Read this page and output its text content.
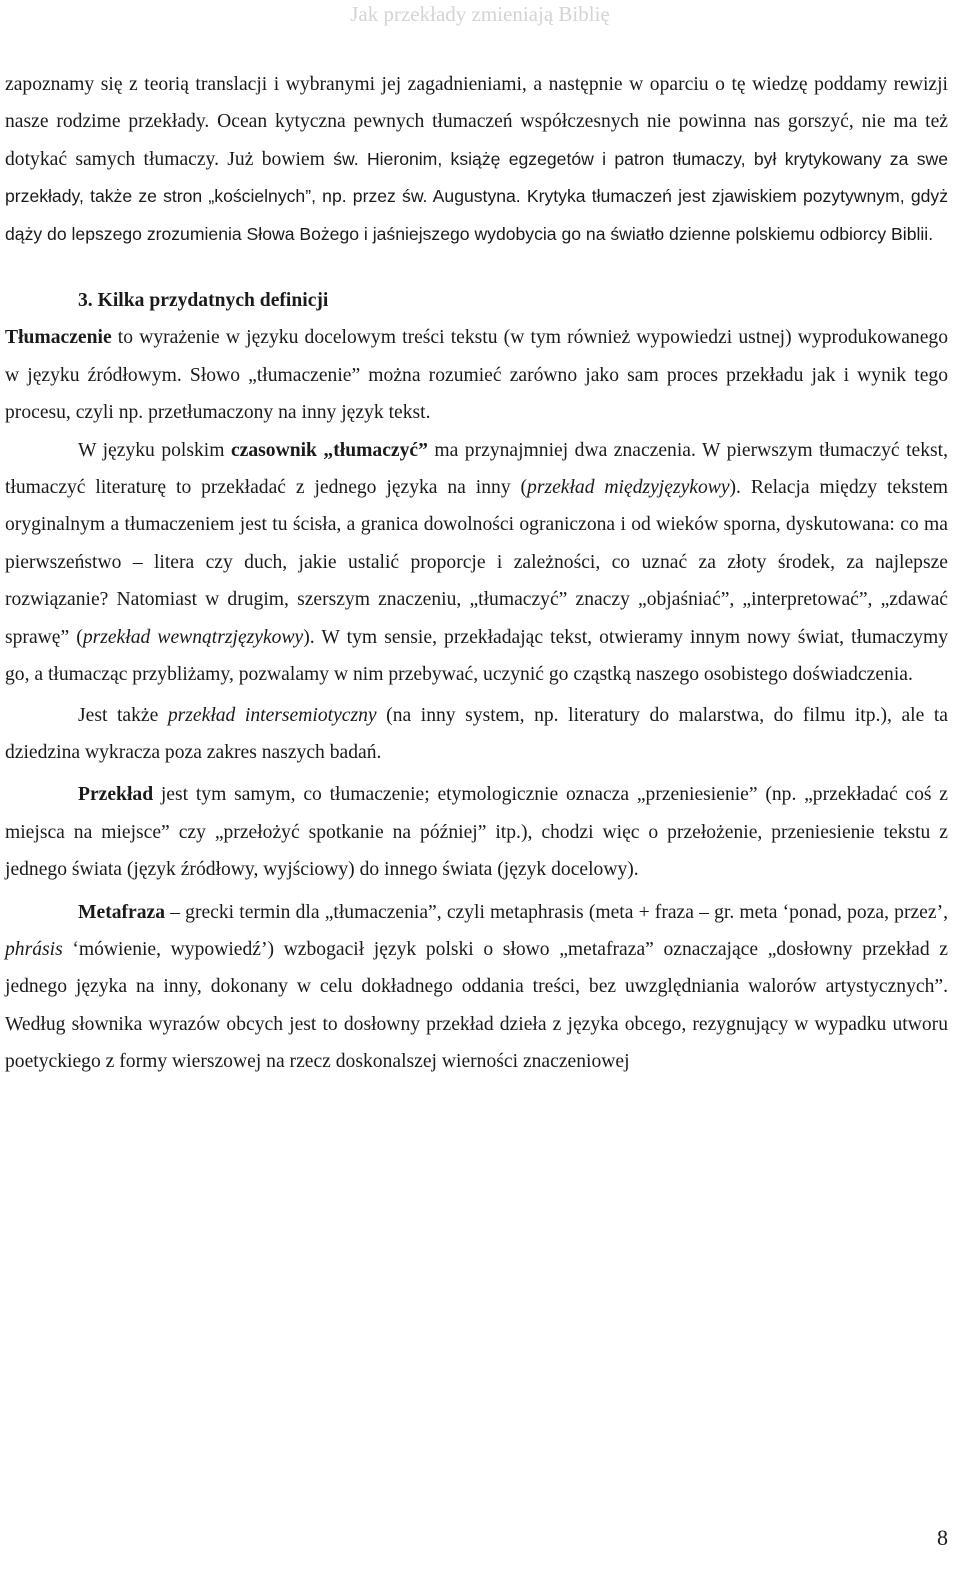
Jak przekłady zmieniają Biblię

zapoznamy się z teorią translacji i wybranymi jej zagadnieniami, a następnie w oparciu o tę wiedzę poddamy rewizji nasze rodzime przekłady. Ocean kytyczna pewnych tłumaczeń współczesnych nie powinna nas gorszyć, nie ma też dotykać samych tłumaczy. Już bowiem św. Hieronim, książę egzegetów i patron tłumaczy, był krytykowany za swe przekłady, także ze stron „kościelnych”, np. przez św. Augustyna. Krytyka tłumaczeń jest zjawiskiem pozytywnym, gdyż dąży do lepszego zrozumienia Słowa Bożego i jaśniejszego wydobycia go na światło dzienne polskiemu odbiorcy Biblii.

3. Kilka przydatnych definicji

Tłumaczenie to wyrażenie w języku docelowym treści tekstu (w tym również wypowiedzi ustnej) wyprodukowanego w języku źródłowym. Słowo „tłumaczenie” można rozumieć zarówno jako sam proces przekładu jak i wynik tego procesu, czyli np. przetłumaczony na inny język tekst.

W języku polskim czasownik „tłumaczyć” ma przynajmniej dwa znaczenia. W pierwszym tłumaczyć tekst, tłumaczyć literaturę to przekładać z jednego języka na inny (przekład międzyjęzykowy). Relacja między tekstem oryginalnym a tłumaczeniem jest tu ścisła, a granica dowolności ograniczona i od wieków sporna, dyskutowana: co ma pierwszeństwo – litera czy duch, jakie ustalić proporcje i zależności, co uznać za złoty środek, za najlepsze rozwiązanie? Natomiast w drugim, szerszym znaczeniu, „tłumaczyć” znaczy „objaśniać”, „interpretować”, „zdawać sprawę” (przekład wewnątrzjęzykowy). W tym sensie, przekładając tekst, otwieramy innym nowy świat, tłumaczymy go, a tłumacząc przybliżamy, pozwalamy w nim przebywać, uczynić go cząstką naszego osobistego doświadczenia.

Jest także przekład intersemiotyczny (na inny system, np. literatury do malarstwa, do filmu itp.), ale ta dziedzina wykracza poza zakres naszych badań.

Przekład jest tym samym, co tłumaczenie; etymologicznie oznacza „przeniesienie” (np. „przekładać coś z miejsca na miejsce” czy „przełożyć spotkanie na później” itp.), chodzi więc o przełożenie, przeniesienie tekstu z jednego świata (język źródłowy, wyjściowy) do innego świata (język docelowy).

Metafraza – grecki termin dla „tłumaczenia”, czyli metaphrasis (meta + fraza – gr. meta ‘ponad, poza, przez’, phrásis ‘mówienie, wypowiedź’) wzbogacił język polski o słowo „metafraza” oznaczające „dosłowny przekład z jednego języka na inny, dokonany w celu dokładnego oddania treści, bez uwzględniania walorów artystycznych”. Według słownika wyrazów obcych jest to dosłowny przekład dzieła z języka obcego, rezygnujący w wypadku utworu poetyckiego z formy wierszowej na rzecz doskonalszej wierności znaczeniowej

8
